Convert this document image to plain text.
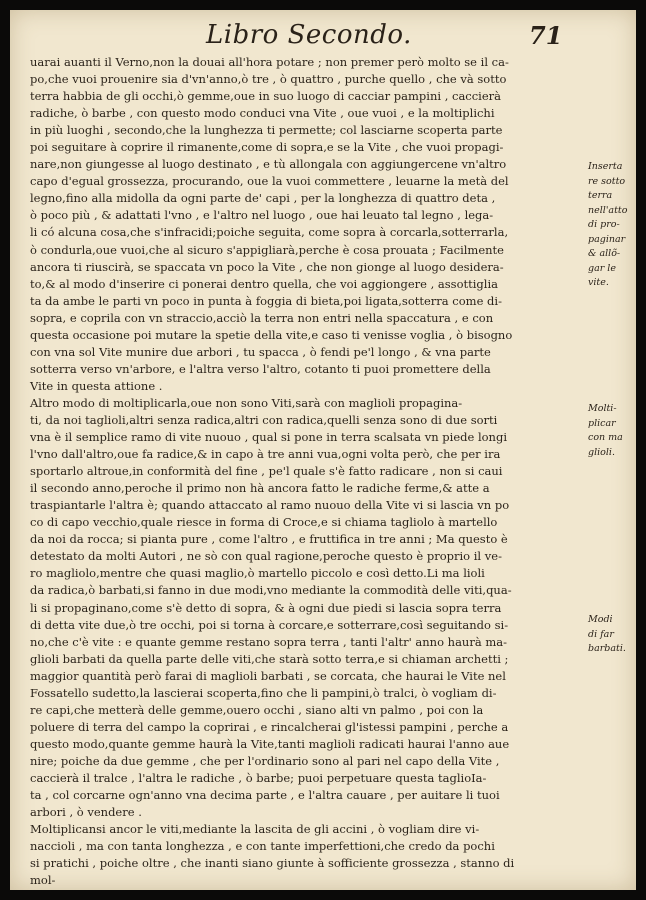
Libro Secondo.	71
uarai auanti il Verno,non la douai all'hora potare ; non premer però molto se il ca-
po,che vuoi prouenire sia d'vn'anno,ò tre , ò quattro , purche quello , che và sotto
terra habbia de gli occhi,ò gemme,oue in suo luogo di cacciar pampini , caccierà
radiche, ò barbe , con questo modo conduci vna Vite , oue vuoi , e la moltiplichi
in più luoghi , secondo,che la lunghezza ti permette; col lasciarne scoperta parte
poi seguitare à coprire il rimanente,come di sopra,e se la Vite , che vuoi propagi-
nare,non giungesse al luogo destinato , e tù allongala con aggiungercene vn'altro
capo d'egual grossezza, procurando, oue la vuoi commettere , leuarne la metà del
legno,fino alla midolla da ogni parte de' capi , per la longhezza di quattro deta ,
ò poco più , & adattati l'vno , e l'altro nel luogo , oue hai leuato tal legno , lega-
li có alcuna cosa,che s'infracidi;poiche seguita, come sopra à corcarla,sotterrarla,
ò condurla,oue vuoi,che al sicuro s'appigliarà,perche è cosa prouata ; Facilmente
ancora ti riuscirà, se spaccata vn poco la Vite , che non gionge al luogo desidera-
to,& al modo d'inserire ci ponerai dentro quella, che voi aggiongere , assottiglia
ta da ambe le parti vn poco in punta à foggia di bieta,poi ligata,sotterra come di-
sopra, e coprila con vn straccio,acciò la terra non entri nella spaccatura , e con
questa occasione poi mutare la spetie della vite,e caso ti venisse voglia , ò bisogno
con vna sol Vite munire due arbori , tu spacca , ò fendi pe'l longo , & vna parte
sotterra verso vn'arbore, e l'altra verso l'altro, cotanto ti puoi promettere della
Vite in questa attione .
Altro modo di moltiplicarla,oue non sono Viti,sarà con maglioli propagina-
ti, da noi taglioli,altri senza radica,altri con radica,quelli senza sono di due sorti
vna è il semplice ramo di vite nuouo , qual si pone in terra scalsata vn piede longi
l'vno dall'altro,oue fa radice,& in capo à tre anni vua,ogni volta però, che per ira
sportarlo altroue,in conformità del fine , pe'l quale s'è fatto radicare , non si caui
il secondo anno,peroche il primo non hà ancora fatto le radiche ferme,& atte a
traspiantarle l'altra è; quando attaccato al ramo nuouo della Vite vi si lascia vn po
co di capo vecchio,quale riesce in forma di Croce,e si chiama tagliolo à martello
da noi da rocca; si pianta pure , come l'altro , e fruttifica in tre anni ; Ma questo è
detestato da molti Autori , ne sò con qual ragione,peroche questo è proprio il ve-
ro magliolo,mentre che quasi maglio,ò martello piccolo e così detto.Li ma lioli
da radica,ò barbati,si fanno in due modi,vno mediante la commodità delle viti,qua-
li si propaginano,come s'è detto di sopra, & à ogni due piedi si lascia sopra terra
di detta vite due,ò tre occhi, poi si torna à corcare,e sotterrare,così seguitando si-
no,che c'è vite : e quante gemme restano sopra terra , tanti l'altr' anno haurà ma-
glioli barbati da quella parte delle viti,che starà sotto terra,e si chiaman archetti ;
maggior quantità però farai di maglioli barbati , se corcata, che haurai le Vite nel
Fossatello sudetto,la lascierai scoperta,fino che li pampini,ò tralci, ò vogliam di-
re capi,che metterà delle gemme,ouero occhi , siano alti vn palmo , poi con la
poluere di terra del campo la coprirai , e rincalcherai gl'istessi pampini , perche a
questo modo,quante gemme haurà la Vite,tanti maglioli radicati haurai l'anno aue
nire; poiche da due gemme , che per l'ordinario sono al pari nel capo della Vite ,
caccierà il tralce , l'altra le radiche , ò barbe; puoi perpetuare questa taglioIa-
ta , col corcarne ogn'anno vna decima parte , e l'altra cauare , per auitare li tuoi
arbori , ò vendere .
Moltiplicansi ancor le viti,mediante la lascita de gli accini , ò vogliam dire vi-
naccioli , ma con tanta longhezza , e con tante imperfettioni,che credo da pochi
si pratichi , poiche oltre , che inanti siano giunte à sofficiente grossezza , stanno di
mol-
Inserta
re sotto
terra
nell'atto
di pro-
paginar
& allõ-
gar le
vite.
Molti-
plicar
con ma
glioli.
Modi
di far
barbati.
